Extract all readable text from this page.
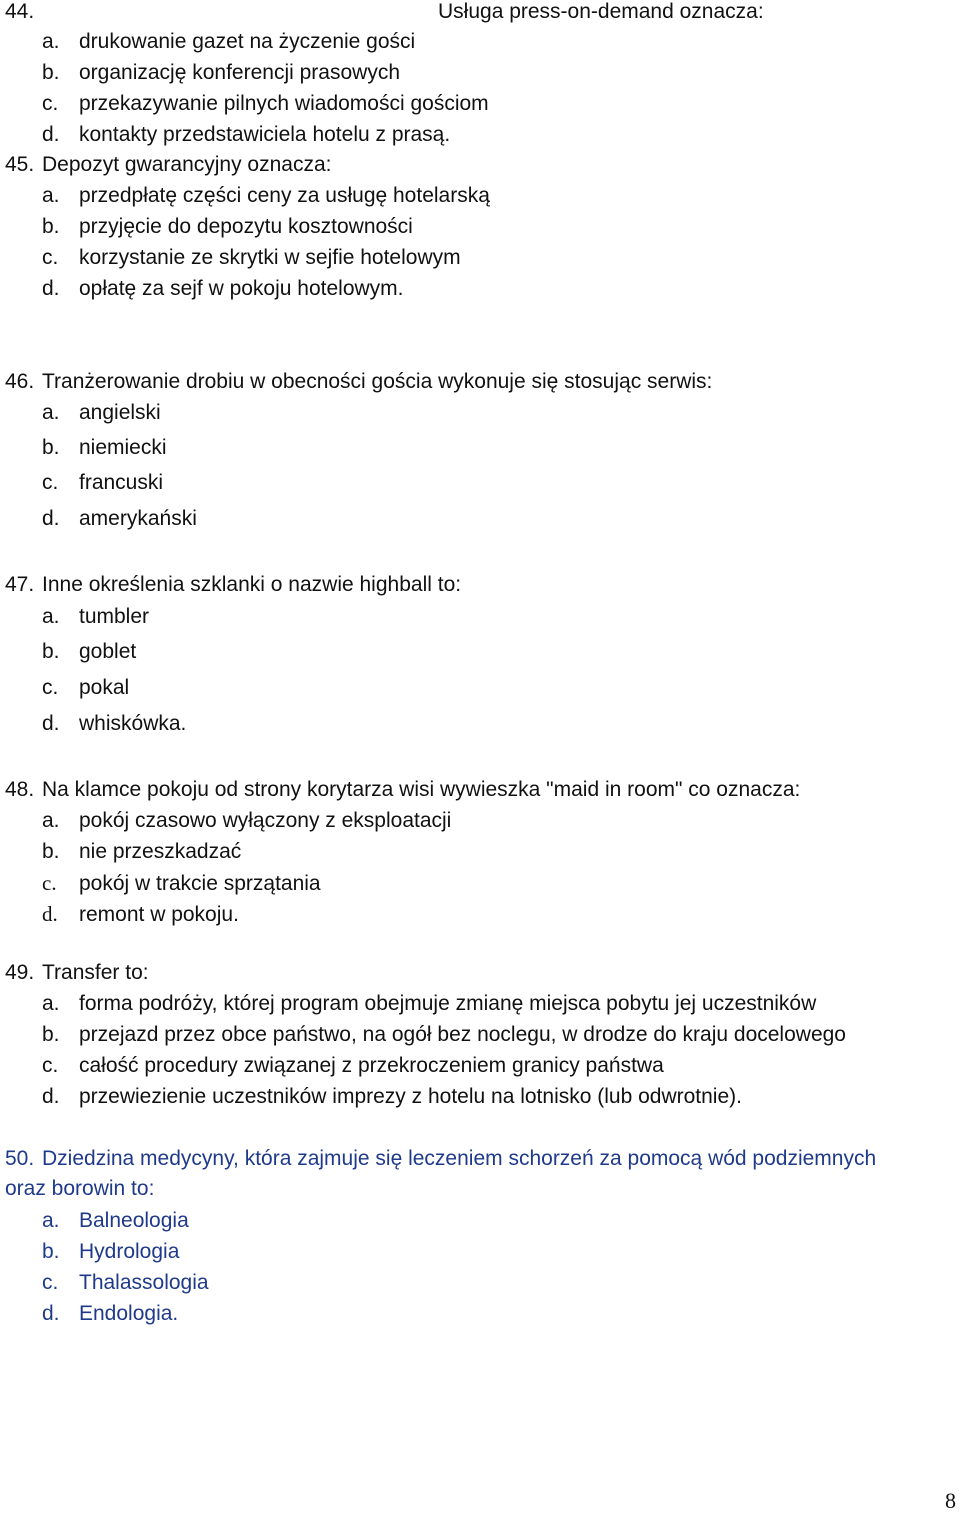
44.	Usługa press-on-demand oznacza:
a. drukowanie gazet na życzenie gości
b. organizację konferencji prasowych
c. przekazywanie pilnych wiadomości gościom
d. kontakty przedstawiciela hotelu z prasą.
45. Depozyt gwarancyjny oznacza:
a. przedpłatę części ceny za usługę hotelarską
b. przyjęcie do depozytu kosztowności
c. korzystanie ze skrytki w sejfie hotelowym
d. opłatę za sejf w pokoju hotelowym.
46. Tranżerowanie drobiu w obecności gościa wykonuje się stosując serwis:
a. angielski
b. niemiecki
c. francuski
d. amerykański
47. Inne określenia szklanki o nazwie highball to:
a. tumbler
b. goblet
c. pokal
d. whiskówka.
48. Na klamce pokoju od strony korytarza wisi wywieszka "maid in room" co oznacza:
a. pokój czasowo wyłączony z eksploatacji
b. nie przeszkadzać
c. pokój w trakcie sprzątania
d. remont w pokoju.
49. Transfer to:
a. forma podróży, której program obejmuje zmianę miejsca pobytu jej uczestników
b. przejazd przez obce państwo, na ogół bez noclegu, w drodze do kraju docelowego
c. całość procedury związanej z przekroczeniem granicy państwa
d. przewiezienie uczestników imprezy z hotelu na lotnisko (lub odwrotnie).
50. Dziedzina medycyny, która zajmuje się leczeniem schorzeń za pomocą wód podziemnych
oraz borowin to:
a. Balneologia
b. Hydrologia
c. Thalassologia
d. Endologia.
8
